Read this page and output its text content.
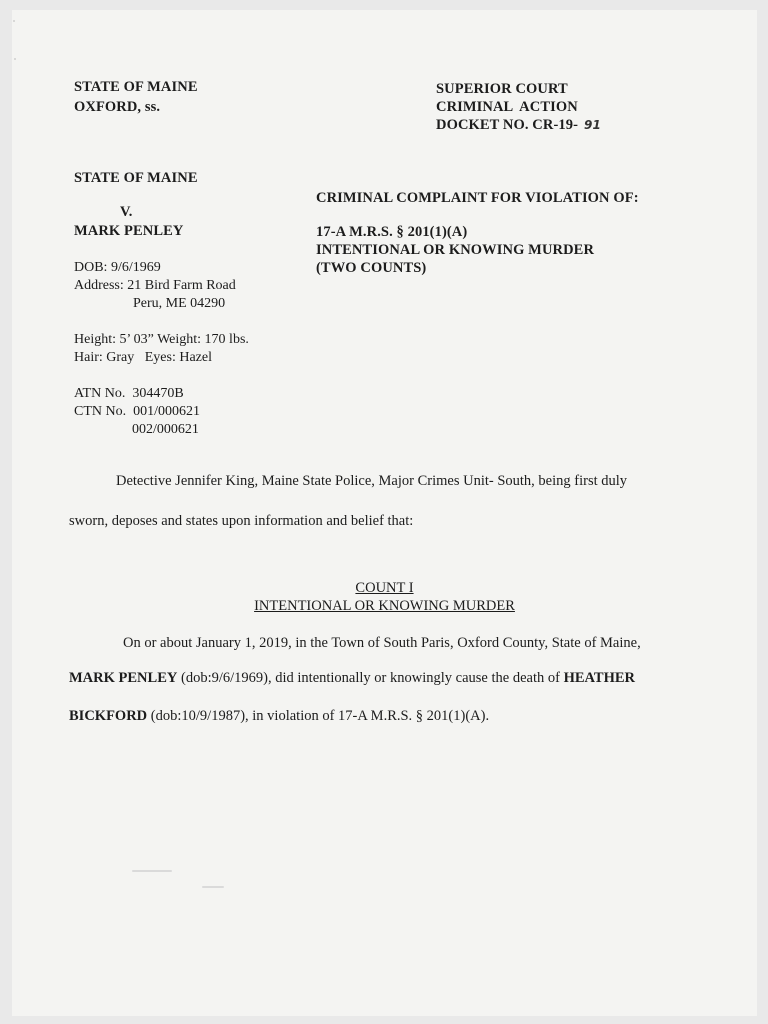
STATE OF MAINE
OXFORD, ss.
SUPERIOR COURT
CRIMINAL  ACTION
DOCKET NO. CR-19- 91
STATE OF MAINE
V.
MARK PENLEY
CRIMINAL COMPLAINT FOR VIOLATION OF:
17-A M.R.S. § 201(1)(A)
INTENTIONAL OR KNOWING MURDER
(TWO COUNTS)
DOB: 9/6/1969
Address: 21 Bird Farm Road
Peru, ME 04290
Height: 5’ 03” Weight: 170 lbs.
Hair: Gray   Eyes: Hazel
ATN No.  304470B
CTN No.  001/000621
002/000621
Detective Jennifer King, Maine State Police, Major Crimes Unit- South, being first duly
sworn, deposes and states upon information and belief that:
COUNT I
INTENTIONAL OR KNOWING MURDER
On or about January 1, 2019, in the Town of South Paris, Oxford County, State of Maine,
MARK PENLEY (dob:9/6/1969), did intentionally or knowingly cause the death of HEATHER
BICKFORD (dob:10/9/1987), in violation of 17-A M.R.S. § 201(1)(A).
